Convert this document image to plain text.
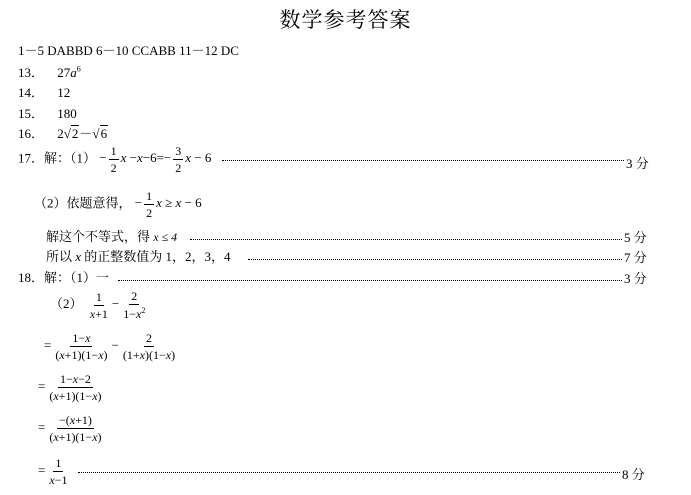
数学参考答案
1－5 DABBD 6－10 CCABB 11－12 DC
13． $27a^6$
14． 12
15． 180
16． 2√2－√6
17．解：$(1) - \frac{1}{2}$ $x -x-6=- \frac{3}{2}$ x − 6	3 分
（2）依题意得， − $\frac{1}{2}$ x ≥ x − 6
解这个不等式，得 x ≤ 4	5 分
所以 x 的正整数值为 1，2，3，4	7 分
18．解：（1）一	3 分
$(2) \frac{1}{x+1} - \frac{2}{1-x^2}$
= $\frac{1-x}{(x+1)(1-x)} - \frac{2}{(1+x)(1-x)}$
= $\frac{1-x-2}{(x+1)(1-x)}$
= $\frac{-(x+1)}{(x+1)(1-x)}$
= $\frac{1}{x-1}$	8 分
